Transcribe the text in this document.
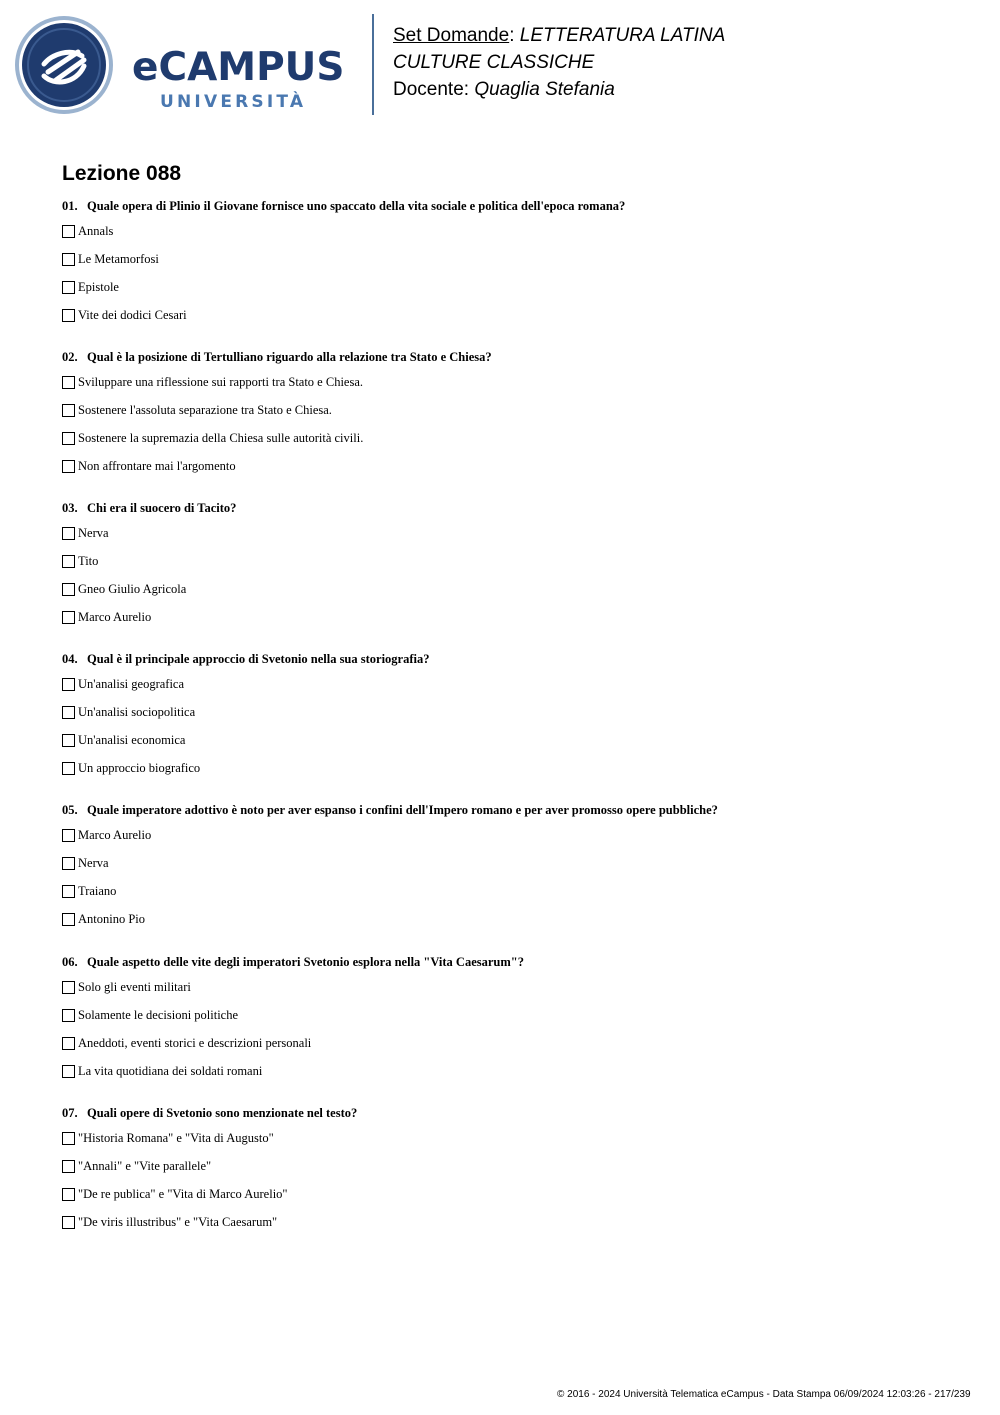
eCAMPUS
UNIVERSITÀ
Set Domande: LETTERATURA LATINA
CULTURE CLASSICHE
Docente: Quaglia Stefania
Lezione 088
01. Quale opera di Plinio il Giovane fornisce uno spaccato della vita sociale e politica dell'epoca romana?
Annals
Le Metamorfosi
Epistole
Vite dei dodici Cesari
02. Qual è la posizione di Tertulliano riguardo alla relazione tra Stato e Chiesa?
Sviluppare una riflessione sui rapporti tra Stato e Chiesa.
Sostenere l'assoluta separazione tra Stato e Chiesa.
Sostenere la supremazia della Chiesa sulle autorità civili.
Non affrontare mai l'argomento
03. Chi era il suocero di Tacito?
Nerva
Tito
Gneo Giulio Agricola
Marco Aurelio
04. Qual è il principale approccio di Svetonio nella sua storiografia?
Un'analisi geografica
Un'analisi sociopolitica
Un'analisi economica
Un approccio biografico
05. Quale imperatore adottivo è noto per aver espanso i confini dell'Impero romano e per aver promosso opere pubbliche?
Marco Aurelio
Nerva
Traiano
Antonino Pio
06. Quale aspetto delle vite degli imperatori Svetonio esplora nella "Vita Caesarum"?
Solo gli eventi militari
Solamente le decisioni politiche
Aneddoti, eventi storici e descrizioni personali
La vita quotidiana dei soldati romani
07. Quali opere di Svetonio sono menzionate nel testo?
"Historia Romana" e "Vita di Augusto"
"Annali" e "Vite parallele"
"De re publica" e "Vita di Marco Aurelio"
"De viris illustribus" e "Vita Caesarum"
© 2016 - 2024 Università Telematica eCampus - Data Stampa 06/09/2024 12:03:26 - 217/239
